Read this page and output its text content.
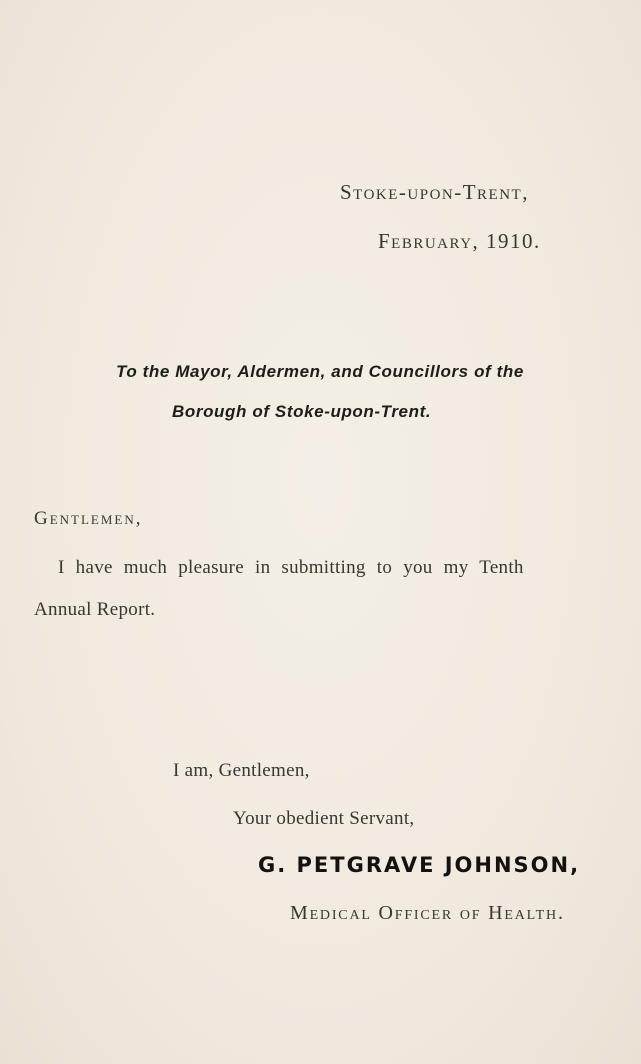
Stoke-upon-Trent,
February, 1910.
To the Mayor, Aldermen, and Councillors of the
Borough of Stoke-upon-Trent.
Gentlemen,
I have much pleasure in submitting to you my Tenth
Annual Report.
I am, Gentlemen,
Your obedient Servant,
G. PETGRAVE JOHNSON,
Medical Officer of Health.
